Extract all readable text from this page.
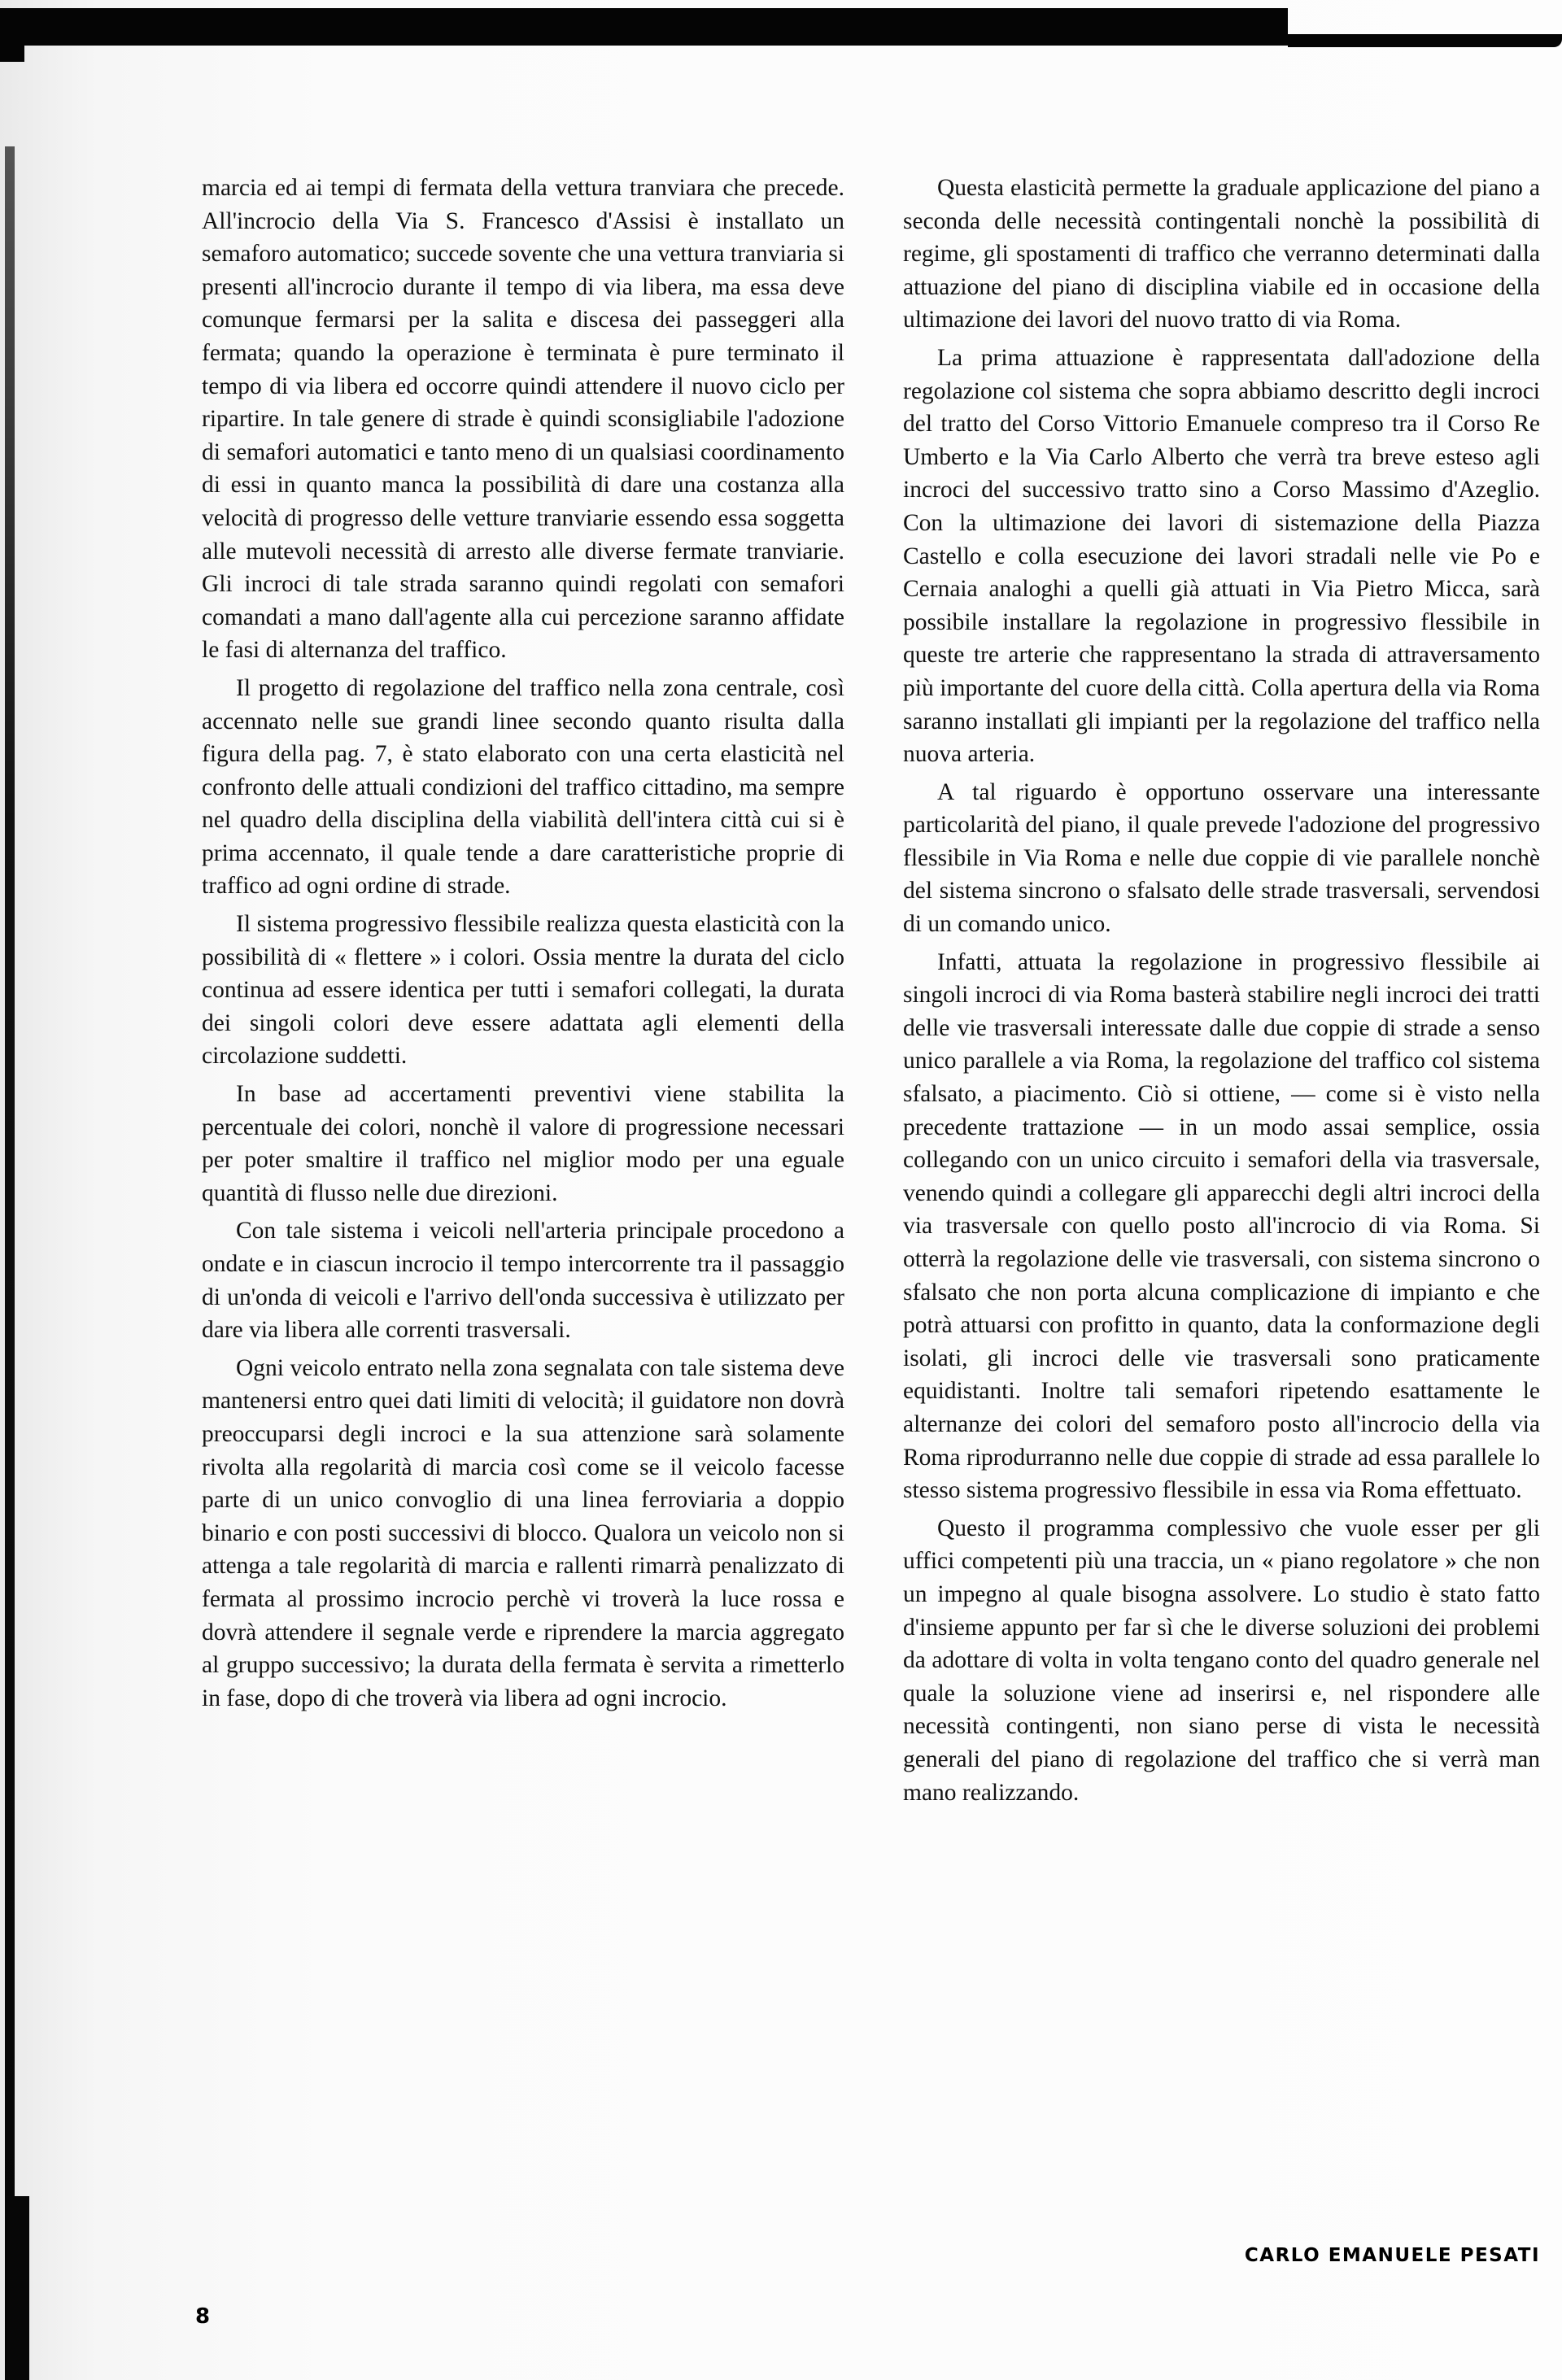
marcia ed ai tempi di fermata della vettura tranviara che precede. All'incrocio della Via S. Francesco d'Assisi è installato un semaforo automatico; succede sovente che una vettura tranviaria si presenti all'incrocio durante il tempo di via libera, ma essa deve comunque fermarsi per la salita e discesa dei passeggeri alla fermata; quando la operazione è terminata è pure terminato il tempo di via libera ed occorre quindi attendere il nuovo ciclo per ripartire. In tale genere di strade è quindi sconsigliabile l'adozione di semafori automatici e tanto meno di un qualsiasi coordinamento di essi in quanto manca la possibilità di dare una costanza alla velocità di progresso delle vetture tranviarie essendo essa soggetta alle mutevoli necessità di arresto alle diverse fermate tranviarie. Gli incroci di tale strada saranno quindi regolati con semafori comandati a mano dall'agente alla cui percezione saranno affidate le fasi di alternanza del traffico.

Il progetto di regolazione del traffico nella zona centrale, così accennato nelle sue grandi linee secondo quanto risulta dalla figura della pag. 7, è stato elaborato con una certa elasticità nel confronto delle attuali condizioni del traffico cittadino, ma sempre nel quadro della disciplina della viabilità dell'intera città cui si è prima accennato, il quale tende a dare caratteristiche proprie di traffico ad ogni ordine di strade.

Il sistema progressivo flessibile realizza questa elasticità con la possibilità di « flettere » i colori. Ossia mentre la durata del ciclo continua ad essere identica per tutti i semafori collegati, la durata dei singoli colori deve essere adattata agli elementi della circolazione suddetti.

In base ad accertamenti preventivi viene stabilita la percentuale dei colori, nonchè il valore di progressione necessari per poter smaltire il traffico nel miglior modo per una eguale quantità di flusso nelle due direzioni.

Con tale sistema i veicoli nell'arteria principale procedono a ondate e in ciascun incrocio il tempo intercorrente tra il passaggio di un'onda di veicoli e l'arrivo dell'onda successiva è utilizzato per dare via libera alle correnti trasversali.

Ogni veicolo entrato nella zona segnalata con tale sistema deve mantenersi entro quei dati limiti di velocità; il guidatore non dovrà preoccuparsi degli incroci e la sua attenzione sarà solamente rivolta alla regolarità di marcia così come se il veicolo facesse parte di un unico convoglio di una linea ferroviaria a doppio binario e con posti successivi di blocco. Qualora un veicolo non si attenga a tale regolarità di marcia e rallenti rimarrà penalizzato di fermata al prossimo incrocio perchè vi troverà la luce rossa e dovrà attendere il segnale verde e riprendere la marcia aggregato al gruppo successivo; la durata della fermata è servita a rimetterlo in fase, dopo di che troverà via libera ad ogni incrocio.

Questa elasticità permette la graduale applicazione del piano a seconda delle necessità contingentali nonchè la possibilità di regime, gli spostamenti di traffico che verranno determinati dalla attuazione del piano di disciplina viabile ed in occasione della ultimazione dei lavori del nuovo tratto di via Roma.

La prima attuazione è rappresentata dall'adozione della regolazione col sistema che sopra abbiamo descritto degli incroci del tratto del Corso Vittorio Emanuele compreso tra il Corso Re Umberto e la Via Carlo Alberto che verrà tra breve esteso agli incroci del successivo tratto sino a Corso Massimo d'Azeglio. Con la ultimazione dei lavori di sistemazione della Piazza Castello e colla esecuzione dei lavori stradali nelle vie Po e Cernaia analoghi a quelli già attuati in Via Pietro Micca, sarà possibile installare la regolazione in progressivo flessibile in queste tre arterie che rappresentano la strada di attraversamento più importante del cuore della città. Colla apertura della via Roma saranno installati gli impianti per la regolazione del traffico nella nuova arteria.

A tal riguardo è opportuno osservare una interessante particolarità del piano, il quale prevede l'adozione del progressivo flessibile in Via Roma e nelle due coppie di vie parallele nonchè del sistema sincrono o sfalsato delle strade trasversali, servendosi di un comando unico.

Infatti, attuata la regolazione in progressivo flessibile ai singoli incroci di via Roma basterà stabilire negli incroci dei tratti delle vie trasversali interessate dalle due coppie di strade a senso unico parallele a via Roma, la regolazione del traffico col sistema sfalsato, a piacimento. Ciò si ottiene, — come si è visto nella precedente trattazione — in un modo assai semplice, ossia collegando con un unico circuito i semafori della via trasversale, venendo quindi a collegare gli apparecchi degli altri incroci della via trasversale con quello posto all'incrocio di via Roma. Si otterrà la regolazione delle vie trasversali, con sistema sincrono o sfalsato che non porta alcuna complicazione di impianto e che potrà attuarsi con profitto in quanto, data la conformazione degli isolati, gli incroci delle vie trasversali sono praticamente equidistanti. Inoltre tali semafori ripetendo esattamente le alternanze dei colori del semaforo posto all'incrocio della via Roma riprodurranno nelle due coppie di strade ad essa parallele lo stesso sistema progressivo flessibile in essa via Roma effettuato.

Questo il programma complessivo che vuole esser per gli uffici competenti più una traccia, un « piano regolatore » che non un impegno al quale bisogna assolvere. Lo studio è stato fatto d'insieme appunto per far sì che le diverse soluzioni dei problemi da adottare di volta in volta tengano conto del quadro generale nel quale la soluzione viene ad inserirsi e, nel rispondere alle necessità contingenti, non siano perse di vista le necessità generali del piano di regolazione del traffico che si verrà man mano realizzando.

CARLO EMANUELE PESATI
8
